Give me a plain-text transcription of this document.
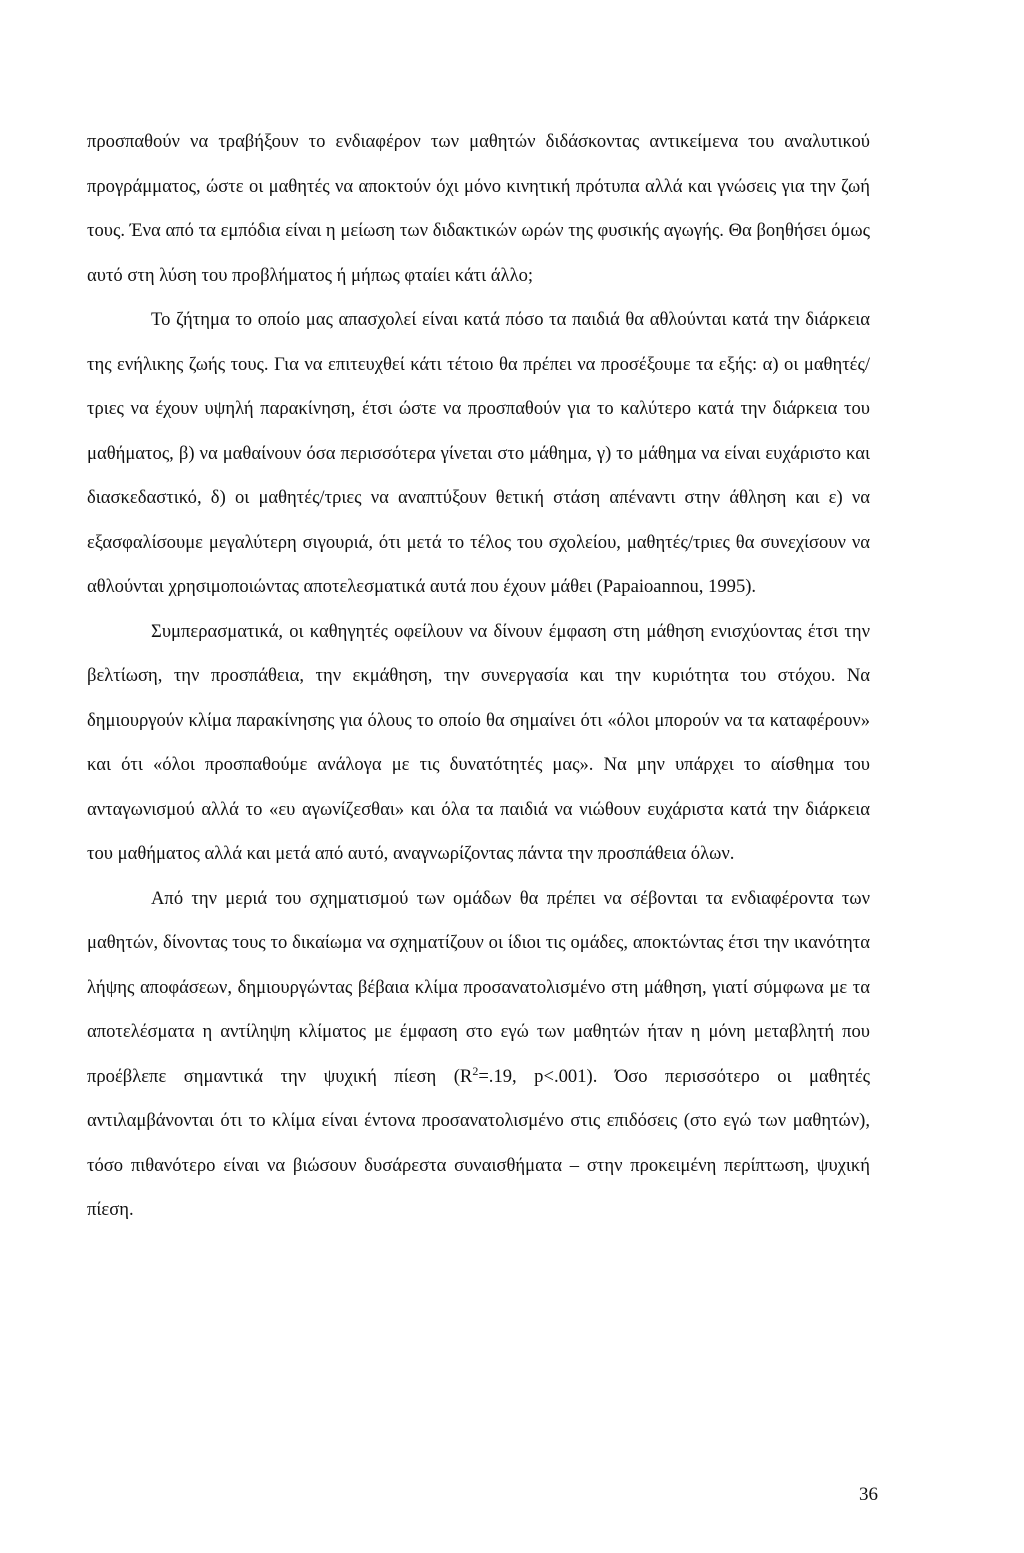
προσπαθούν να τραβήξουν το ενδιαφέρον των μαθητών διδάσκοντας αντικείμενα του αναλυτικού προγράμματος, ώστε οι μαθητές να αποκτούν όχι μόνο κινητική πρότυπα αλλά και γνώσεις για την ζωή τους. Ένα από τα εμπόδια είναι η μείωση των διδακτικών ωρών της φυσικής αγωγής. Θα βοηθήσει όμως αυτό στη λύση του προβλήματος ή μήπως φταίει κάτι άλλο;

Το ζήτημα το οποίο μας απασχολεί είναι κατά πόσο τα παιδιά θα αθλούνται κατά την διάρκεια της ενήλικης ζωής τους. Για να επιτευχθεί κάτι τέτοιο θα πρέπει να προσέξουμε τα εξής: α) οι μαθητές/τριες να έχουν υψηλή παρακίνηση, έτσι ώστε να προσπαθούν για το καλύτερο κατά την διάρκεια του μαθήματος, β) να μαθαίνουν όσα περισσότερα γίνεται στο μάθημα, γ) το μάθημα να είναι ευχάριστο και διασκεδαστικό, δ) οι μαθητές/τριες να αναπτύξουν θετική στάση απέναντι στην άθληση και ε) να εξασφαλίσουμε μεγαλύτερη σιγουριά, ότι μετά το τέλος του σχολείου, μαθητές/τριες θα συνεχίσουν να αθλούνται χρησιμοποιώντας αποτελεσματικά αυτά που έχουν μάθει (Papaioannou, 1995).

Συμπερασματικά, οι καθηγητές οφείλουν να δίνουν έμφαση στη μάθηση ενισχύοντας έτσι την βελτίωση, την προσπάθεια, την εκμάθηση, την συνεργασία και την κυριότητα του στόχου. Να δημιουργούν κλίμα παρακίνησης για όλους το οποίο θα σημαίνει ότι «όλοι μπορούν να τα καταφέρουν» και ότι «όλοι προσπαθούμε ανάλογα με τις δυνατότητές μας». Να μην υπάρχει το αίσθημα του ανταγωνισμού αλλά το «ευ αγωνίζεσθαι» και όλα τα παιδιά να νιώθουν ευχάριστα κατά την διάρκεια του μαθήματος αλλά και μετά από αυτό, αναγνωρίζοντας πάντα την προσπάθεια όλων.

Από την μεριά του σχηματισμού των ομάδων θα πρέπει να σέβονται τα ενδιαφέροντα των μαθητών, δίνοντας τους το δικαίωμα να σχηματίζουν οι ίδιοι τις ομάδες, αποκτώντας έτσι την ικανότητα λήψης αποφάσεων, δημιουργώντας βέβαια κλίμα προσανατολισμένο στη μάθηση, γιατί σύμφωνα με τα αποτελέσματα η αντίληψη κλίματος με έμφαση στο εγώ των μαθητών ήταν η μόνη μεταβλητή που προέβλεπε σημαντικά την ψυχική πίεση ($R^2=.19$, p<.001). Όσο περισσότερο οι μαθητές αντιλαμβάνονται ότι το κλίμα είναι έντονα προσανατολισμένο στις επιδόσεις (στο εγώ των μαθητών), τόσο πιθανότερο είναι να βιώσουν δυσάρεστα συναισθήματα – στην προκειμένη περίπτωση, ψυχική πίεση.

36
